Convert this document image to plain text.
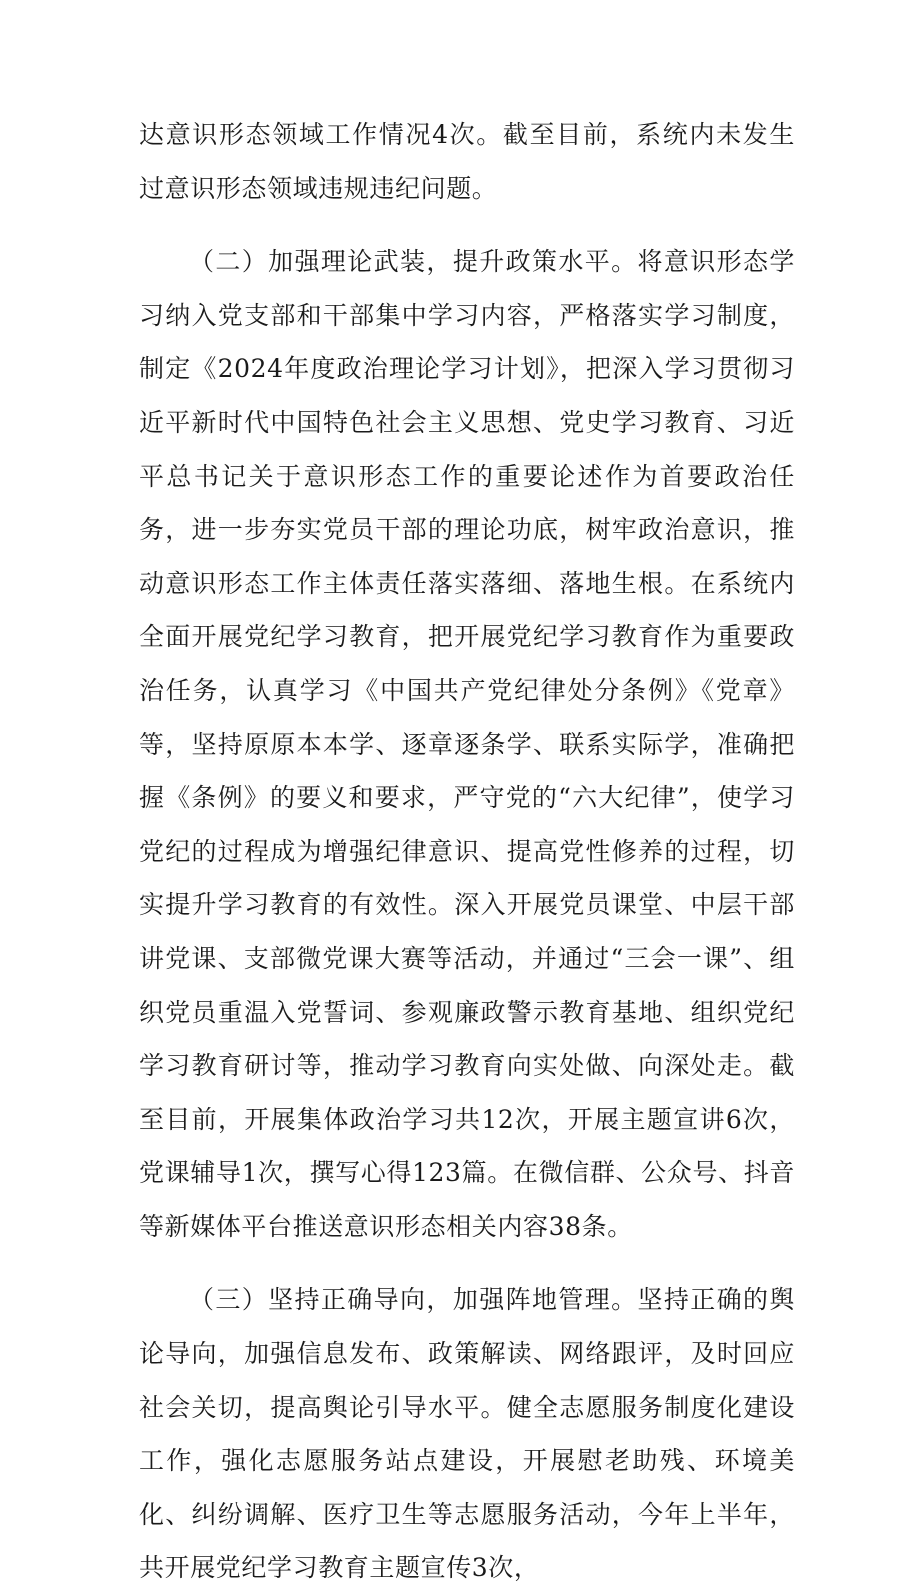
达意识形态领域工作情况4次。截至目前，系统内未发生过意识形态领域违规违纪问题。

（二）加强理论武装，提升政策水平。将意识形态学习纳入党支部和干部集中学习内容，严格落实学习制度，制定《2024年度政治理论学习计划》，把深入学习贯彻习近平新时代中国特色社会主义思想、党史学习教育、习近平总书记关于意识形态工作的重要论述作为首要政治任务，进一步夯实党员干部的理论功底，树牢政治意识，推动意识形态工作主体责任落实落细、落地生根。在系统内全面开展党纪学习教育，把开展党纪学习教育作为重要政治任务，认真学习《中国共产党纪律处分条例》《党章》等，坚持原原本本学、逐章逐条学、联系实际学，准确把握《条例》的要义和要求，严守党的“六大纪律”，使学习党纪的过程成为增强纪律意识、提高党性修养的过程，切实提升学习教育的有效性。深入开展党员课堂、中层干部讲党课、支部微党课大赛等活动，并通过“三会一课”、组织党员重温入党誓词、参观廉政警示教育基地、组织党纪学习教育研讨等，推动学习教育向实处做、向深处走。截至目前，开展集体政治学习共12次，开展主题宣讲6次，党课辅导1次，撰写心得123篇。在微信群、公众号、抖音等新媒体平台推送意识形态相关内容38条。

（三）坚持正确导向，加强阵地管理。坚持正确的舆论导向，加强信息发布、政策解读、网络跟评，及时回应社会关切，提高舆论引导水平。健全志愿服务制度化建设工作，强化志愿服务站点建设，开展慰老助残、环境美化、纠纷调解、医疗卫生等志愿服务活动，今年上半年，共开展党纪学习教育主题宣传3次，
